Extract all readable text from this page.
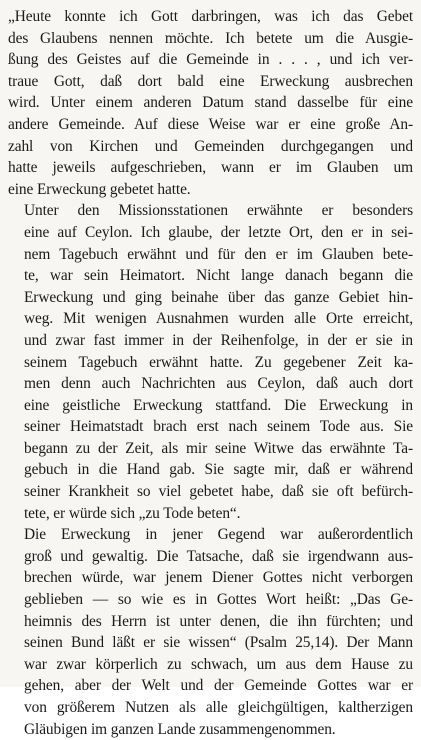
„Heute konnte ich Gott darbringen, was ich das Gebet
des Glaubens nennen möchte. Ich betete um die Ausgie-
ßung des Geistes auf die Gemeinde in . . . , und ich ver-
traue Gott, daß dort bald eine Erweckung ausbrechen
wird. Unter einem anderen Datum stand dasselbe für eine
andere Gemeinde. Auf diese Weise war er eine große An-
zahl von Kirchen und Gemeinden durchgegangen und
hatte jeweils aufgeschrieben, wann er im Glauben um
eine Erweckung gebetet hatte.
Unter den Missionsstationen erwähnte er besonders
eine auf Ceylon. Ich glaube, der letzte Ort, den er in sei-
nem Tagebuch erwähnt und für den er im Glauben bete-
te, war sein Heimatort. Nicht lange danach begann die
Erweckung und ging beinahe über das ganze Gebiet hin-
weg. Mit wenigen Ausnahmen wurden alle Orte erreicht,
und zwar fast immer in der Reihenfolge, in der er sie in
seinem Tagebuch erwähnt hatte. Zu gegebener Zeit ka-
men denn auch Nachrichten aus Ceylon, daß auch dort
eine geistliche Erweckung stattfand. Die Erweckung in
seiner Heimatstadt brach erst nach seinem Tode aus. Sie
begann zu der Zeit, als mir seine Witwe das erwähnte Ta-
gebuch in die Hand gab. Sie sagte mir, daß er während
seiner Krankheit so viel gebetet habe, daß sie oft befürch-
tete, er würde sich „zu Tode beten“.
Die Erweckung in jener Gegend war außerordentlich
groß und gewaltig. Die Tatsache, daß sie irgendwann aus-
brechen würde, war jenem Diener Gottes nicht verborgen
geblieben — so wie es in Gottes Wort heißt: „Das Ge-
heimnis des Herrn ist unter denen, die ihn fürchten; und
seinen Bund läßt er sie wissen“ (Psalm 25,14). Der Mann
war zwar körperlich zu schwach, um aus dem Hause zu
gehen, aber der Welt und der Gemeinde Gottes war er
von größerem Nutzen als alle gleichgültigen, kaltherzigen
Gläubigen im ganzen Lande zusammengenommen.
